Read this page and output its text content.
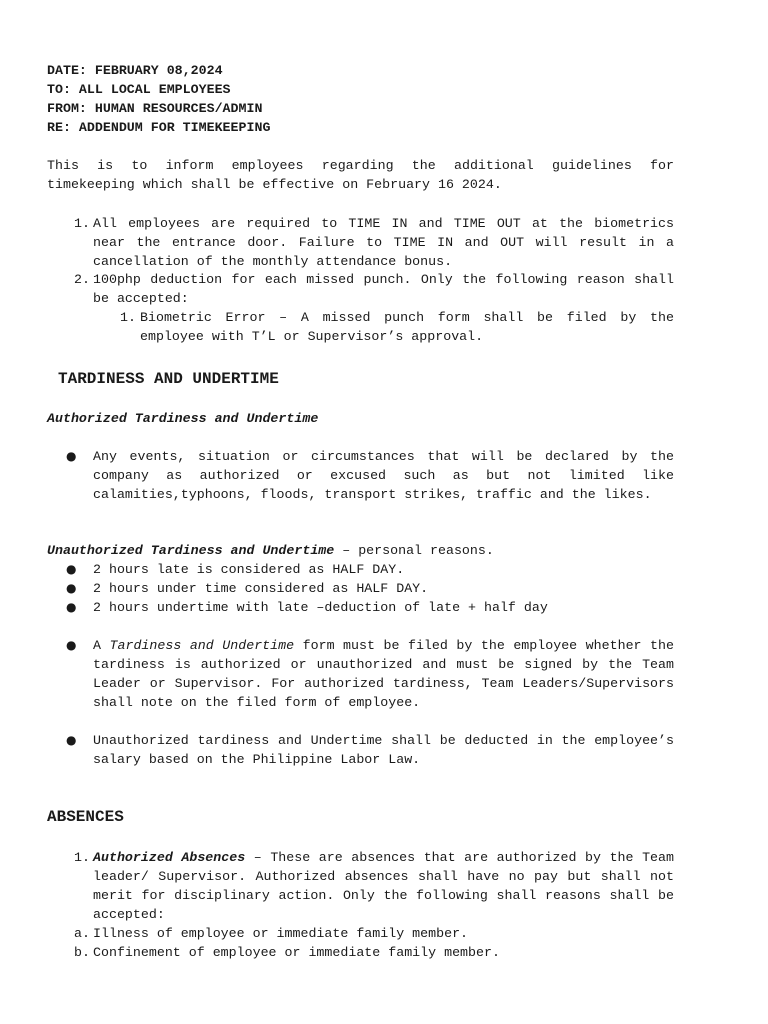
DATE: FEBRUARY 08,2024
TO: ALL LOCAL EMPLOYEES
FROM: HUMAN RESOURCES/ADMIN
RE: ADDENDUM FOR TIMEKEEPING
This is to inform employees regarding the additional guidelines for timekeeping which shall be effective on February 16 2024.
1. All employees are required to TIME IN and TIME OUT at the biometrics near the entrance door. Failure to TIME IN and OUT will result in a cancellation of the monthly attendance bonus.
2. 100php deduction for each missed punch. Only the following reason shall be accepted:
1. Biometric Error – A missed punch form shall be filed by the employee with T’L or Supervisor’s approval.
TARDINESS AND UNDERTIME
Authorized Tardiness and Undertime
● Any events, situation or circumstances that will be declared by the company as authorized or excused such as but not limited like calamities,typhoons, floods, transport strikes, traffic and the likes.
Unauthorized Tardiness and Undertime – personal reasons.
● 2 hours late is considered as HALF DAY.
● 2 hours under time considered as HALF DAY.
● 2 hours undertime with late –deduction of late + half day
● A Tardiness and Undertime form must be filed by the employee whether the tardiness is authorized or unauthorized and must be signed by the Team Leader or Supervisor. For authorized tardiness, Team Leaders/Supervisors shall note on the filed form of employee.
● Unauthorized tardiness and Undertime shall be deducted in the employee’s salary based on the Philippine Labor Law.
ABSENCES
1. Authorized Absences – These are absences that are authorized by the Team leader/ Supervisor. Authorized absences shall have no pay but shall not merit for disciplinary action. Only the following shall reasons shall be accepted:
a. Illness of employee or immediate family member.
b. Confinement of employee or immediate family member.
